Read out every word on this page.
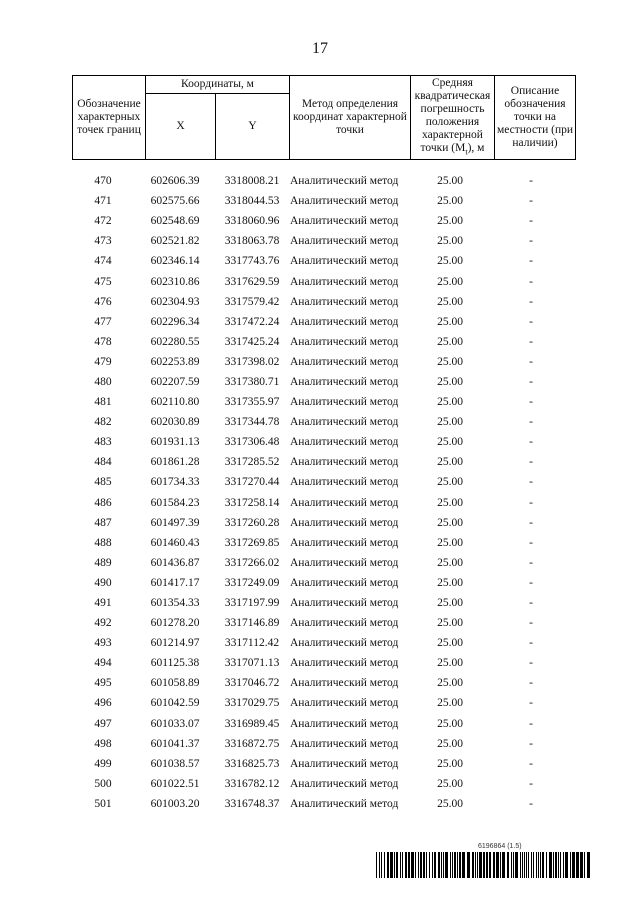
17
Обозначение характерных точек границ	Координаты, м		Метод определения координат характерной точки	Средняя квадратическая погрешность положения характерной точки $(M_t)$, м	Описание обозначения точки на местности (при наличии)
	X	Y			
470	602606.39	3318008.21 Аналитический метод	25.00	-
471	602575.66	3318044.53 Аналитический метод	25.00	-
472	602548.69	3318060.96 Аналитический метод	25.00	-
473	602521.82	3318063.78 Аналитический метод	25.00	-
474	602346.14	3317743.76 Аналитический метод	25.00	-
475	602310.86	3317629.59 Аналитический метод	25.00	-
476	602304.93	3317579.42 Аналитический метод	25.00	-
477	602296.34	3317472.24 Аналитический метод	25.00	-
478	602280.55	3317425.24 Аналитический метод	25.00	-
479	602253.89	3317398.02 Аналитический метод	25.00	-
480	602207.59	3317380.71 Аналитический метод	25.00	-
481	602110.80	3317355.97 Аналитический метод	25.00	-
482	602030.89	3317344.78 Аналитический метод	25.00	-
483	601931.13	3317306.48 Аналитический метод	25.00	-
484	601861.28	3317285.52 Аналитический метод	25.00	-
485	601734.33	3317270.44 Аналитический метод	25.00	-
486	601584.23	3317258.14 Аналитический метод	25.00	-
487	601497.39	3317260.28 Аналитический метод	25.00	-
488	601460.43	3317269.85 Аналитический метод	25.00	-
489	601436.87	3317266.02 Аналитический метод	25.00	-
490	601417.17	3317249.09 Аналитический метод	25.00	-
491	601354.33	3317197.99 Аналитический метод	25.00	-
492	601278.20	3317146.89 Аналитический метод	25.00	-
493	601214.97	3317112.42 Аналитический метод	25.00	-
494	601125.38	3317071.13 Аналитический метод	25.00	-
495	601058.89	3317046.72 Аналитический метод	25.00	-
496	601042.59	3317029.75 Аналитический метод	25.00	-
497	601033.07	3316989.45 Аналитический метод	25.00	-
498	601041.37	3316872.75 Аналитический метод	25.00	-
499	601038.57	3316825.73 Аналитический метод	25.00	-
500	601022.51	3316782.12 Аналитический метод	25.00	-
501	601003.20	3316748.37 Аналитический метод	25.00	-
6196864 (1.5)
